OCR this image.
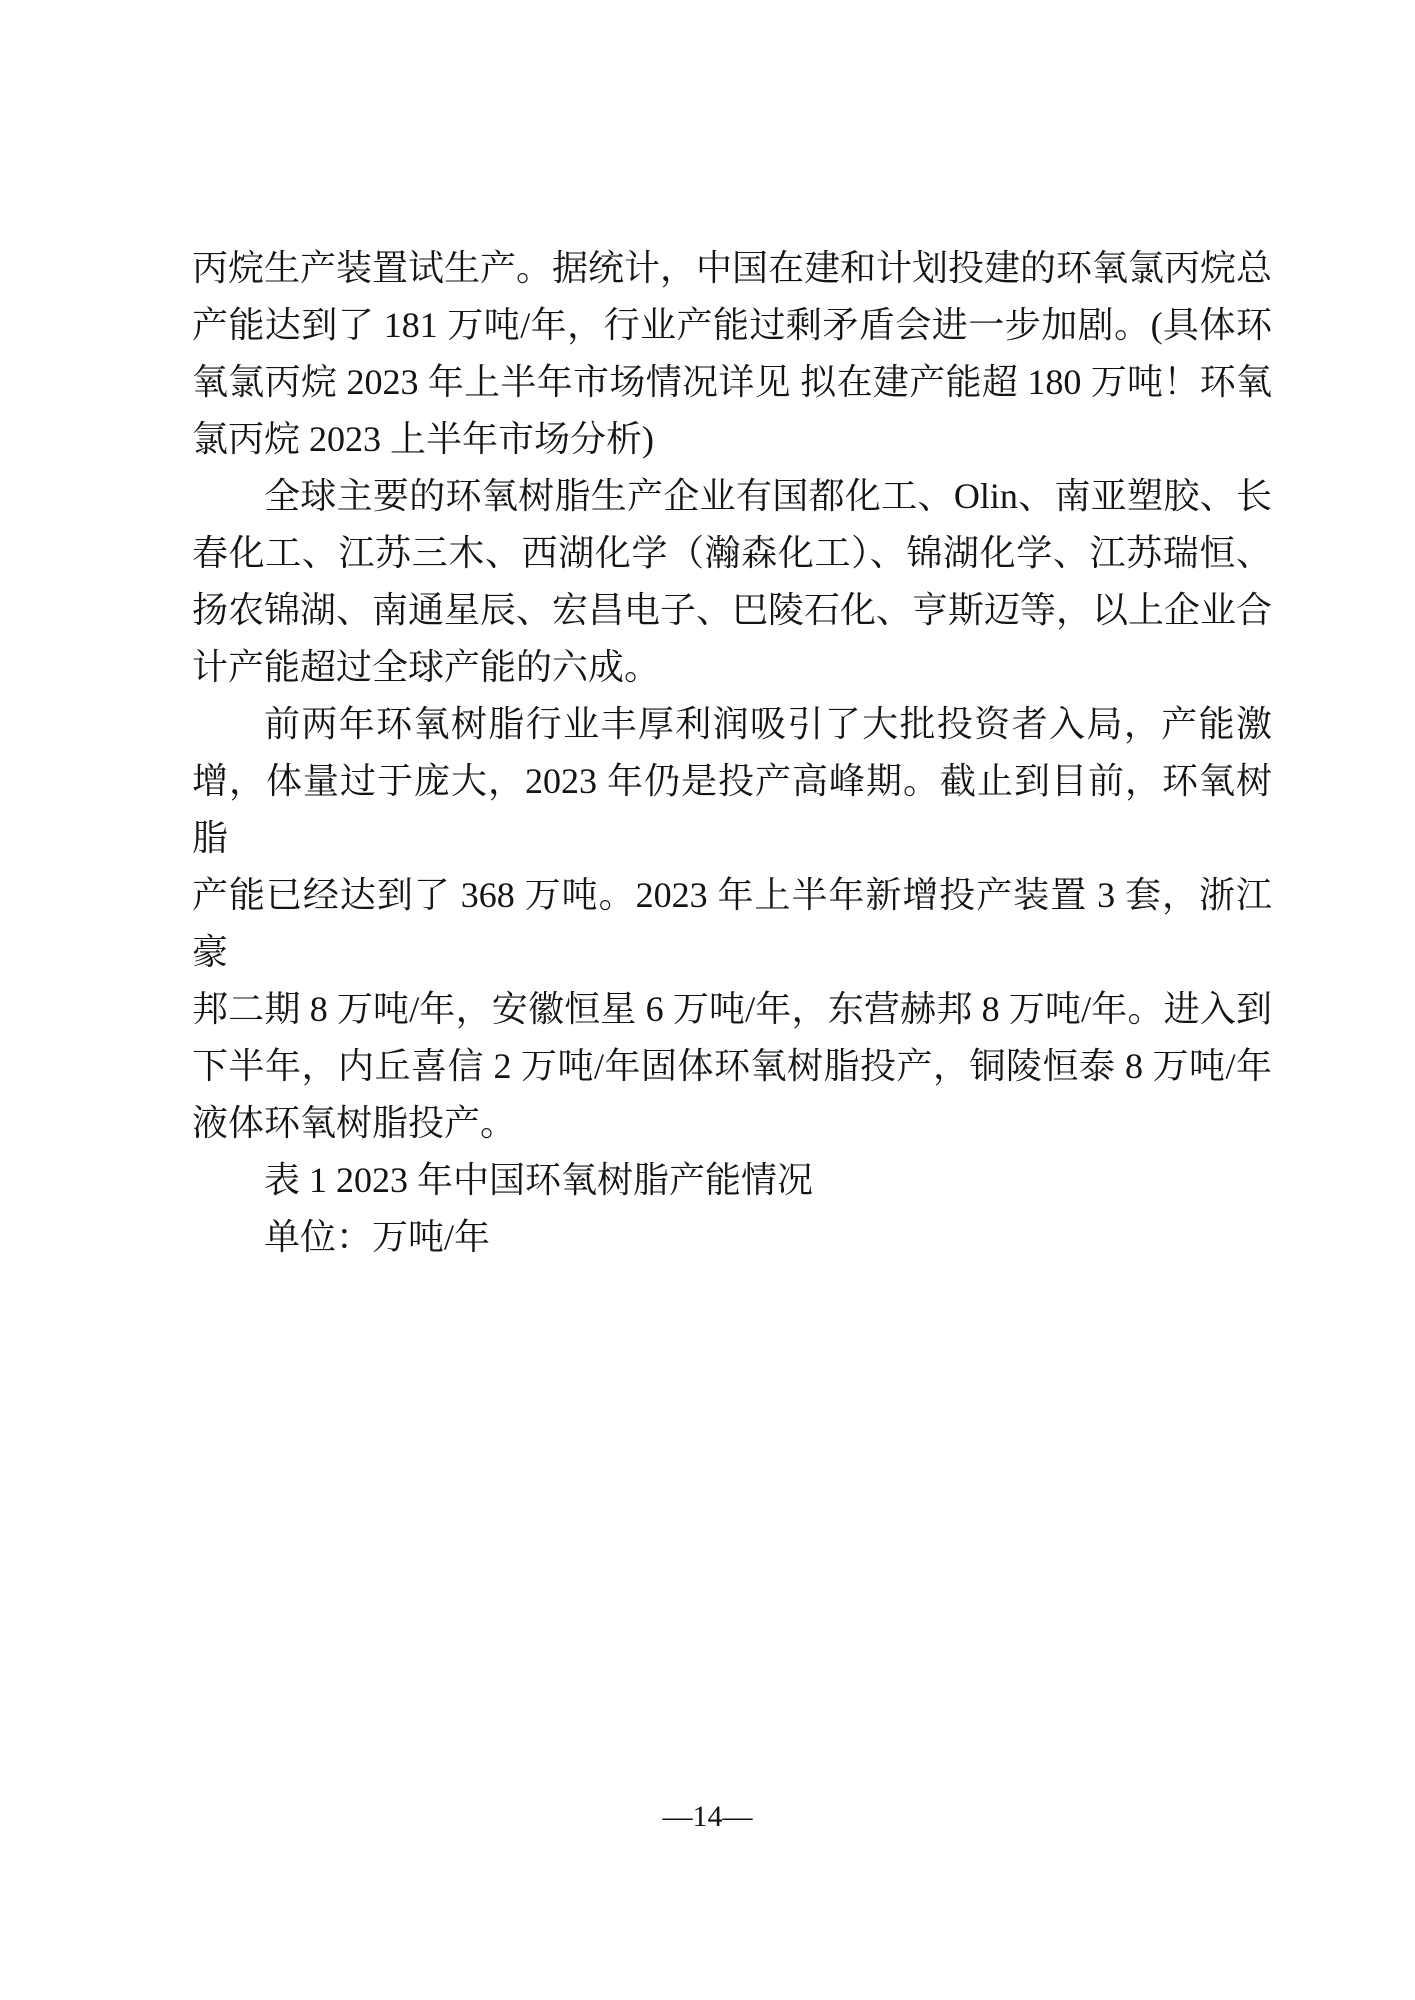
丙烷生产装置试生产。据统计，中国在建和计划投建的环氧氯丙烷总
产能达到了 181 万吨/年，行业产能过剩矛盾会进一步加剧。(具体环
氧氯丙烷 2023 年上半年市场情况详见 拟在建产能超 180 万吨！环氧
氯丙烷 2023 上半年市场分析)
全球主要的环氧树脂生产企业有国都化工、Olin、南亚塑胶、长
春化工、江苏三木、西湖化学（瀚森化工）、锦湖化学、江苏瑞恒、
扬农锦湖、南通星辰、宏昌电子、巴陵石化、亨斯迈等，以上企业合
计产能超过全球产能的六成。
前两年环氧树脂行业丰厚利润吸引了大批投资者入局，产能激
增，体量过于庞大，2023 年仍是投产高峰期。截止到目前，环氧树脂
产能已经达到了 368 万吨。2023 年上半年新增投产装置 3 套，浙江豪
邦二期 8 万吨/年，安徽恒星 6 万吨/年，东营赫邦 8 万吨/年。进入到
下半年，内丘喜信 2 万吨/年固体环氧树脂投产，铜陵恒泰 8 万吨/年
液体环氧树脂投产。
表 1 2023 年中国环氧树脂产能情况
单位：万吨/年
—14—
